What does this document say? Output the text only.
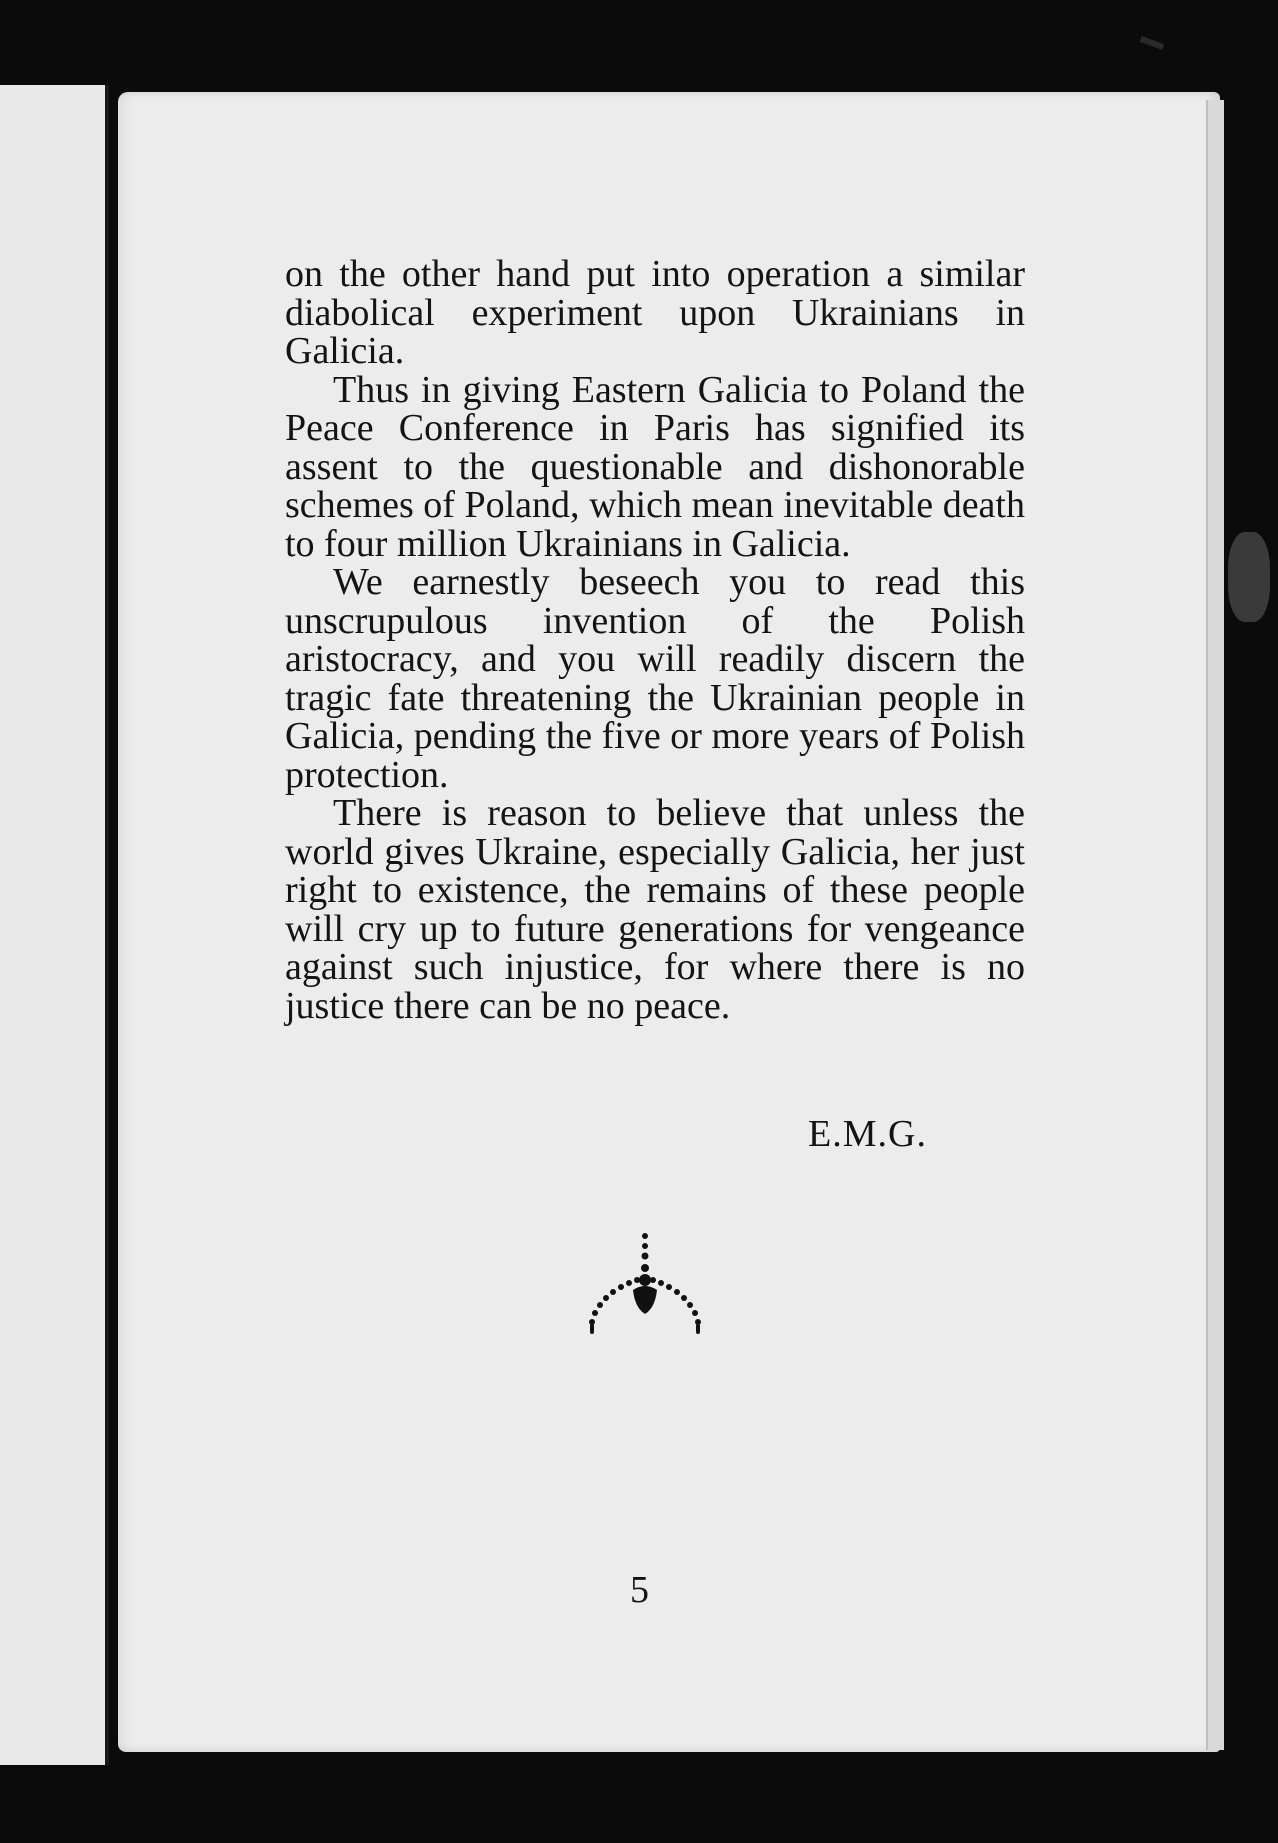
on the other hand put into operation a similar diabolical experiment upon Ukrainians in Galicia.

Thus in giving Eastern Galicia to Poland the Peace Conference in Paris has signified its assent to the questionable and dishonorable schemes of Poland, which mean inevitable death to four million Ukrainians in Galicia.

We earnestly beseech you to read this unscrupulous invention of the Polish aristocracy, and you will readily discern the tragic fate threatening the Ukrainian people in Galicia, pending the five or more years of Polish protection.

There is reason to believe that unless the world gives Ukraine, especially Galicia, her just right to existence, the remains of these people will cry up to future generations for vengeance against such injustice, for where there is no justice there can be no peace.

E.M.G.
5
